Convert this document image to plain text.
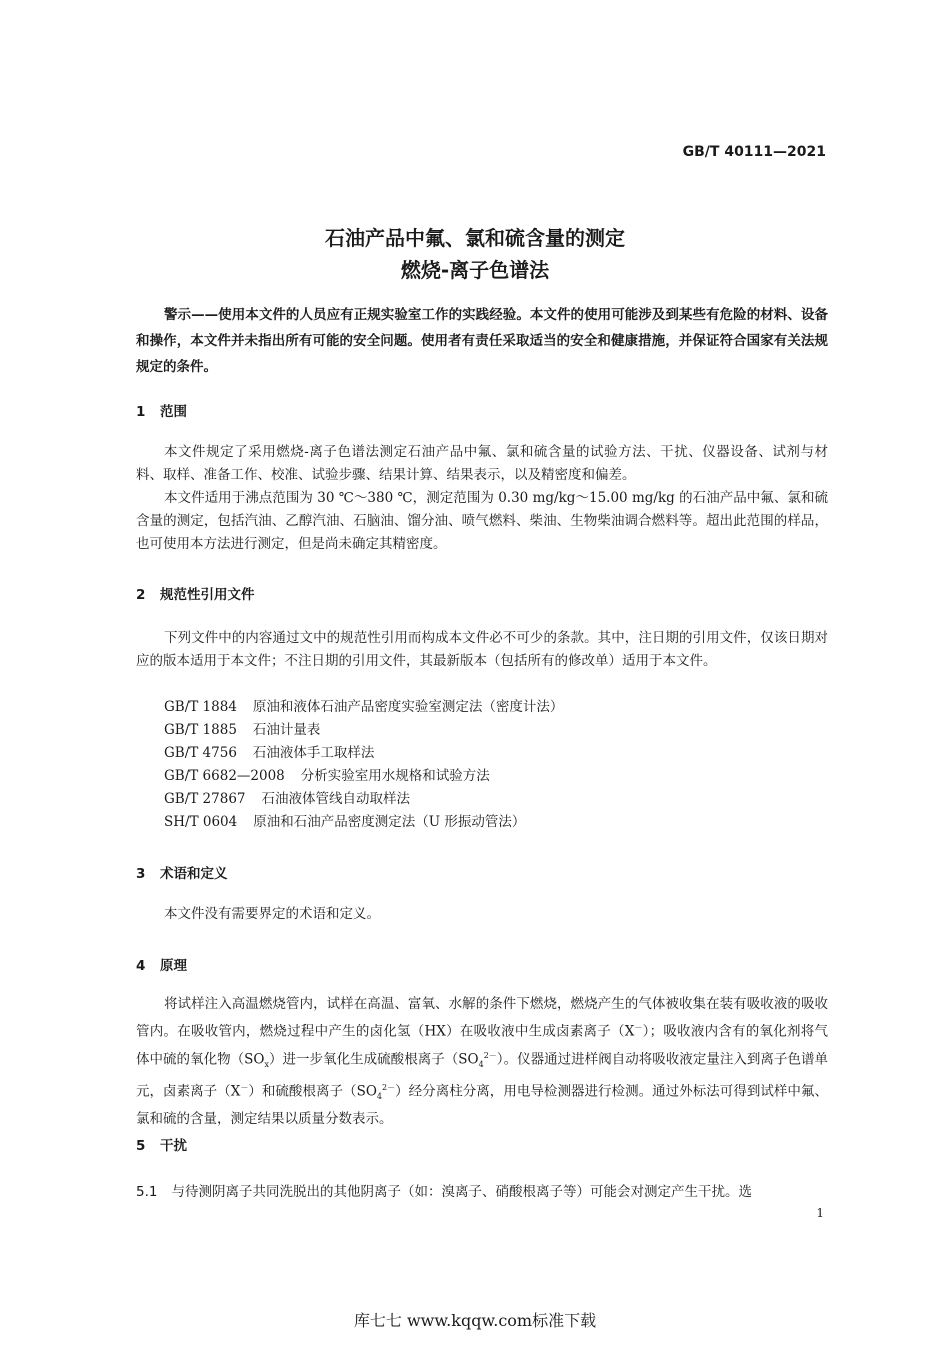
GB/T 40111—2021
石油产品中氟、氯和硫含量的测定
燃烧-离子色谱法
警示——使用本文件的人员应有正规实验室工作的实践经验。本文件的使用可能涉及到某些有危险的材料、设备和操作，本文件并未指出所有可能的安全问题。使用者有责任采取适当的安全和健康措施，并保证符合国家有关法规规定的条件。
1 范围

本文件规定了采用燃烧-离子色谱法测定石油产品中氟、氯和硫含量的试验方法、干扰、仪器设备、试剂与材料、取样、准备工作、校准、试验步骤、结果计算、结果表示，以及精密度和偏差。

本文件适用于沸点范围为 30 ℃～380 ℃，测定范围为 0.30 mg/kg～15.00 mg/kg 的石油产品中氟、氯和硫含量的测定，包括汽油、乙醇汽油、石脑油、馏分油、喷气燃料、柴油、生物柴油调合燃料等。超出此范围的样品，也可使用本方法进行测定，但是尚未确定其精密度。

2 规范性引用文件

下列文件中的内容通过文中的规范性引用而构成本文件必不可少的条款。其中，注日期的引用文件，仅该日期对应的版本适用于本文件；不注日期的引用文件，其最新版本（包括所有的修改单）适用于本文件。

GB/T 1884 原油和液体石油产品密度实验室测定法（密度计法）
GB/T 1885 石油计量表
GB/T 4756 石油液体手工取样法
GB/T 6682—2008 分析实验室用水规格和试验方法
GB/T 27867 石油液体管线自动取样法
SH/T 0604 原油和石油产品密度测定法（U 形振动管法）
3 术语和定义

本文件没有需要界定的术语和定义。

4 原理

将试样注入高温燃烧管内，试样在高温、富氧、水解的条件下燃烧，燃烧产生的气体被收集在装有吸收液的吸收管内。在吸收管内，燃烧过程中产生的卤化氢（HX）在吸收液中生成卤素离子（X－）；吸收液内含有的氧化剂将气体中硫的氧化物$(SO_x)$进一步氧化生成硫酸根离子$(SO_4^{2-})$。仪器通过进样阀自动将吸收液定量注入到离子色谱单元，卤素离子（X－）和硫酸根离子$(SO_4^{2-})$经分离柱分离，用电导检测器进行检测。通过外标法可得到试样中氟、氯和硫的含量，测定结果以质量分数表示。

5 干扰
5.1 与待测阴离子共同洗脱出的其他阴离子（如：溴离子、硝酸根离子等）可能会对测定产生干扰。选
1
库七七 www.kqqw.com标准下载
